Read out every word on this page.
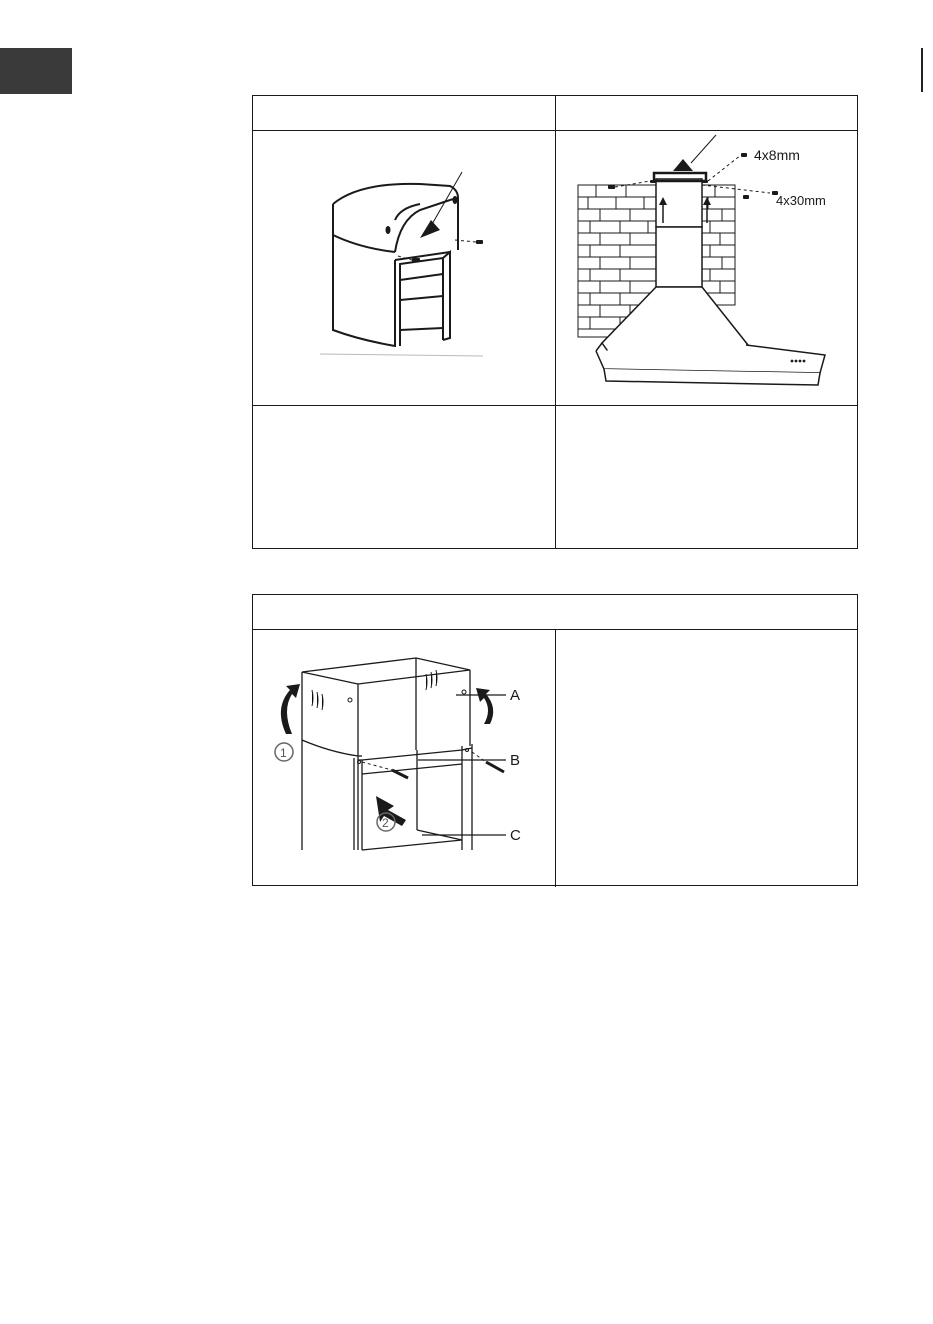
4x8mm
4x30mm
1
2
A
B
C
